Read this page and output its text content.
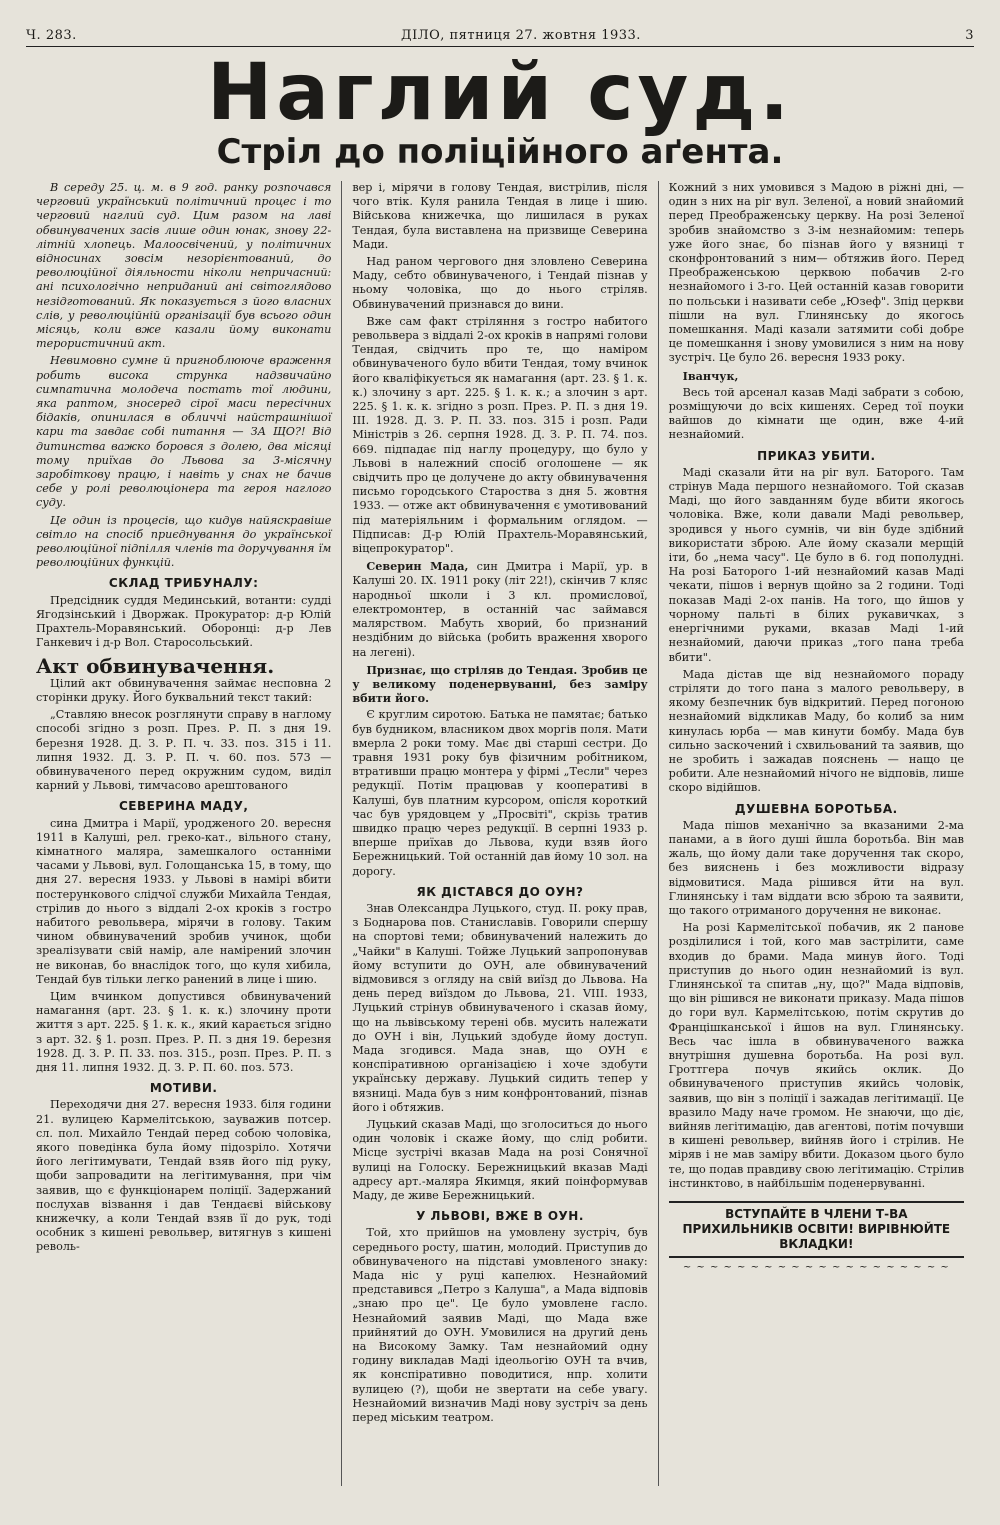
Ч. 283.	ДІЛО, пятниця 27. жовтня 1933.	3
Наглий суд.
Стріл до поліційного аґента.

В середу 25. ц. м. в 9 год. ранку розпочався черговий український політичний процес і то черговий наглий суд. Цим разом на лаві обвинувачених засів лише один юнак, знову 22-літній хлопець. Малоосвічений, у політичних відносинах зовсім незорієнтований, до революційної діяльности ніколи непричасний: ані психологічно неприданий ані світоглядово незідготований. Як показується з його власних слів, у революційній організації був всього один місяць, коли вже казали йому виконати терористичний акт.

Невимовно сумне й пригноблююче враження робить висока струнка надзвичайно симпатична молодеча постать тої людини, яка раптом, зносеред сірої маси пересічних бідаків, опинилася в обличчі найстрашнішої кари та завдає собі питання — ЗА ЩО?! Від дитинства важко боровся з долею, два місяці тому приїхав до Львова за 3-місячну заробіткову працю, і навіть у снах не бачив себе у ролі революціонера та героя наглого суду.

Це один із процесів, що кидув найяскравіше світло на спосіб приєднування до української революційної підпілля членів та доручування їм революційних функцій.

СКЛАД ТРИБУНАЛУ:

Предсідник суддя Мединський, вотанти: судді Ягодзінський і Дворжак. Прокуратор: д-р Юлій Прахтель-Моравянський. Оборонці: д-р Лев Ганкевич і д-р Вол. Старосольський.

Акт обвинувачення.

Цілий акт обвинувачення займає несповна 2 сторінки друку. Його буквальний текст такий:

„Ставляю внесок розглянути справу в наглому способі згідно з розп. През. Р. П. з дня 19. березня 1928. Д. З. Р. П. ч. 33. поз. 315 і 11. липня 1932. Д. З. Р. П. ч. 60. поз. 573 — обвинуваченого перед окружним судом, виділ карний у Львові, тимчасово арештованого

СЕВЕРИНА МАДУ,

сина Дмитра і Марії, уродженого 20. вересня 1911 в Калуші, рел. греко-кат., вільного стану, кімнатного маляра, замешкалого останніми часами у Львові, вул. Голощанська 15, в тому, що дня 27. вересня 1933. у Львові в намірі вбити постерункового слідчої служби Михайла Тендая, стрілив до нього з віддалі 2-ох кроків з гостро набитого револьвера, мірячи в голову. Таким чином обвинувачений зробив учинок, щоби зреалізувати свій намір, але намірений злочин не виконав, бо внаслідок того, що куля хибила, Тендай був тільки легко ранений в лице і шию.

Цим вчинком допустився обвинувачений намагання (арт. 23. § 1. к. к.) злочину проти життя з арт. 225. § 1. к. к., який карається згідно з арт. 32. § 1. розп. През. Р. П. з дня 19. березня 1928. Д. З. Р. П. 33. поз. 315., розп. През. Р. П. з дня 11. липня 1932. Д. З. Р. П. 60. поз. 573.

МОТИВИ.

Переходячи дня 27. вересня 1933. біля години 21. вулицею Кармелітською, зауважив потсер. сл. пол. Михайло Тендай перед собою чоловіка, якого поведінка була йому підозріло. Хотячи його легітимувати, Тендай взяв його під руку, щоби запровадити на легітимування, при чім заявив, що є функціонарем поліції. Задержаний послухав візвання і дав Тендаєві військову книжечку, а коли Тендай взяв її до рук, тоді особник з кишені револьвер, витягнув з кишені револь-

вер і, мірячи в голову Тендая, вистрілив, після чого втік. Куля ранила Тендая в лице і шию. Військова книжечка, що лишилася в руках Тендая, була виставлена на призвище Северина Мади.

Над раном чергового дня зловлено Северина Маду, себто обвинуваченого, і Тендай пізнав у ньому чоловіка, що до нього стріляв. Обвинувачений признався до вини.

Вже сам факт стріляння з гостро набитого револьвера з віддалі 2-ох кроків в напрямі голови Тендая, свідчить про те, що наміром обвинуваченого було вбити Тендая, тому вчинок його кваліфікується як намагання (арт. 23. § 1. к. к.) злочину з арт. 225. § 1. к. к.; а злочин з арт. 225. § 1. к. к. згідно з розп. През. Р. П. з дня 19. III. 1928. Д. З. Р. П. 33. поз. 315 і розп. Ради Міністрів з 26. серпня 1928. Д. З. Р. П. 74. поз. 669. підпадає під наглу процедуру, що було у Львові в належний спосіб оголошене — як свідчить про це долучене до акту обвинувачення письмо городського Староства з дня 5. жовтня 1933. — отже акт обвинувачення є умотивований під матеріяльним і формальним оглядом. — Підписав: Д-р Юлій Прахтель-Моравянський, віцепрокуратор".

Северин Мада, син Дмитра і Марії, ур. в Калуші 20. IX. 1911 року (літ 22!), скінчив 7 кляс народньої школи і 3 кл. промислової, електромонтер, в останній час займався малярством. Мабуть хворий, бо признаний нездібним до війська (робить враження хворого на легені).

Признає, що стріляв до Тендая. Зробив це у великому поденервуванні, без заміру вбити його.

Є круглим сиротою. Батька не памятає; батько був будником, власником двох моргів поля. Мати вмерла 2 роки тому. Має дві старші сестри. До травня 1931 року був фізичним робітником, втративши працю монтера у фірмі „Тесли" через редукції. Потім працював у кооперативі в Калуші, був платним курсором, опісля короткий час був урядовцем у „Просвіті", скрізь тратив швидко працю через редукції. В серпні 1933 р. вперше приїхав до Львова, куди взяв його Бережницький. Той останній дав йому 10 зол. на дорогу.

ЯК ДІСТАВСЯ ДО ОУН?

Знав Олександра Луцького, студ. II. року прав, з Боднарова пов. Станиславів. Говорили спершу на спортові теми; обвинувачений належить до „Чайки" в Калуші. Тойже Луцький запропонував йому вступити до ОУН, але обвинувачений відмовився з огляду на свій виїзд до Львова. На день перед виїздом до Львова, 21. VIII. 1933, Луцький стрінув обвинуваченого і сказав йому, що на львівському терені обв. мусить належати до ОУН і він, Луцький здобуде йому доступ. Мада згодився. Мада знав, що ОУН є конспіративною організацією і хоче здобути українську державу. Луцький сидить тепер у вязниці. Мада був з ним конфронтований, пізнав його і обтяжив.

Луцький сказав Маді, що зголоситься до нього один чоловік і скаже йому, що слід робити. Місце зустрічі вказав Мада на розі Сонячної вулиці на Голоску. Бережницький вказав Маді адресу арт.-маляра Якимця, який поінформував Маду, де живе Бережницький.

У ЛЬВОВІ, ВЖЕ В ОУН.

Той, хто прийшов на умовлену зустріч, був середнього росту, шатин, молодий. Приступив до обвинуваченого на підставі умовленого знаку: Мада ніс у руці капелюх. Незнайомий представився „Петро з Калуша", а Мада відповів „знаю про це". Це було умовлене гасло. Незнайомий заявив Маді, що Мада вже прийнятий до ОУН. Умовилися на другий день на Високому Замку. Там незнайомий одну годину викладав Маді ідеольогію ОУН та вчив, як конспіративно поводитися, нпр. холити вулицею (?), щоби не звертати на себе увагу. Незнайомий визначив Маді нову зустріч за день перед міським театром.

Кожний з них умовився з Мадою в ріжні дні, — один з них на ріг вул. Зеленої, а новий знайомий перед Преображенську церкву. На розі Зеленої зробив знайомство з 3-ім незнайомим: теперь уже його знає, бо пізнав його у вязниці т сконфронтований з ним— обтяжив його. Перед Преображенською церквою побачив 2-го незнайомого і 3-го. Цей останній казав говорити по польськи і називати себе „Юзеф". Зпід церкви пішли на вул. Глинянську до якогось помешкання. Маді казали затямити собі добре це помешкання і знову умовилися з ним на нову зустріч. Це було 26. вересня 1933 року.

Іванчук,

Весь той арсенал казав Маді забрати з собою, розміщуючи до всіх кишенях. Серед тої поуки вайшов до кімнати ще один, вже 4-ий незнайомий.

ПРИКАЗ УБИТИ.

Маді сказали йти на ріг вул. Баторого. Там стрінув Мада першого незнайомого. Той сказав Маді, що його завданням буде вбити якогось чоловіка. Вже, коли давали Маді револьвер, зродився у нього сумнів, чи він буде здібний використати зброю. Але йому сказали мерщій іти, бо „нема часу". Це було в 6. год пополудні. На розі Баторого 1-ий незнайомий казав Маді чекати, пішов і вернув щойно за 2 години. Тоді показав Маді 2-ох панів. На того, що йшов у чорному пальті в білих рукавичках, з енергічними руками, вказав Маді 1-ий незнайомий, даючи приказ „того пана треба вбити".

Мада дістав ще від незнайомого пораду стріляти до того пана з малого револьверу, в якому безпечник був відкритий. Перед погоною незнайомий відкликав Маду, бо колиб за ним кинулась юрба — мав кинути бомбу. Мада був сильно заскочений і схвильований та заявив, що не зробить і зажадав пояснень — нащо це робити. Але незнайомий нічого не відповів, лише скоро відійшов.

ДУШЕВНА БОРОТЬБА.

Мада пішов механічно за вказаними 2-ма панами, а в його душі йшла боротьба. Він мав жаль, що йому дали таке доручення так скоро, без вияснень і без можливости відразу відмовитися. Мада рішився йти на вул. Глинянську і там віддати всю зброю та заявити, що такого отриманого доручення не виконає.

На розі Кармелітської побачив, як 2 панове розділилися і той, кого мав застрілити, саме входив до брами. Мада минув його. Тоді приступив до нього один незнайомий із вул. Глинянської та спитав „ну, що?" Мада відповів, що він рішився не виконати приказу. Мада пішов до гори вул. Кармелітською, потім скрутив до Францішканської і йшов на вул. Глинянську. Весь час ішла в обвинуваченого важка внутрішня душевна боротьба. На розі вул. Гроттгера почув якийсь оклик. До обвинуваченого приступив якийсь чоловік, заявив, що він з поліції і зажадав легітимації. Це вразило Маду наче громом. Не знаючи, що діє, вийняв легітимацію, дав агентові, потім почувши в кишені револьвер, вийняв його і стрілив. Не міряв і не мав заміру вбити. Доказом цього було те, що подав правдиву свою легітимацію. Стрілив інстинктово, в найбільшім поденервуванні.

ВСТУПАЙТЕ В ЧЛЕНИ Т-ВА ПРИХИЛЬНИКІВ ОСВІТИ! ВИРІВНЮЙТЕ ВКЛАДКИ!
~ ~ ~ ~ ~ ~ ~ ~ ~ ~ ~ ~ ~ ~ ~ ~ ~ ~ ~ ~
